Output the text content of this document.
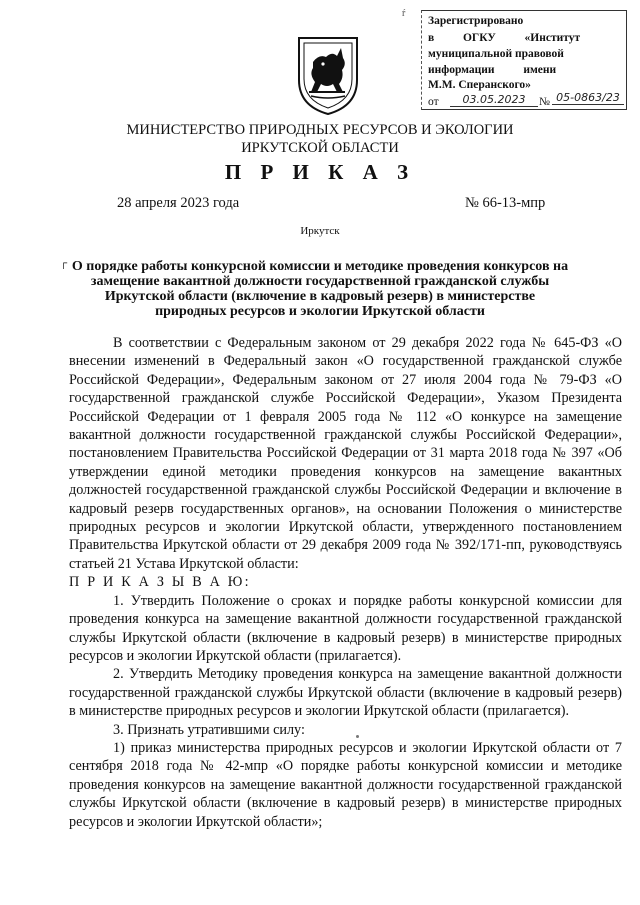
ŕ
Зарегистрировано
в          ОГКУ          «Институт
муниципальной правовой
информации          имени
М.М. Сперанского»
от	03.05.2023	№ 05-0863/23
МИНИСТЕРСТВО ПРИРОДНЫХ РЕСУРСОВ И ЭКОЛОГИИ
ИРКУТСКОЙ ОБЛАСТИ
П Р И К А З
28 апреля 2023 года	№ 66-13-мпр
Иркутск
┌ О порядке работы конкурсной комиссии и методике проведения конкурсов на
замещение вакантной должности государственной гражданской службы
Иркутской области (включение в кадровый резерв) в министерстве
природных ресурсов и экологии Иркутской области

В соответствии с Федеральным законом от 29 декабря 2022 года № 645-ФЗ «О внесении изменений в Федеральный закон «О государственной гражданской службе Российской Федерации», Федеральным законом от 27 июля 2004 года № 79-ФЗ «О государственной гражданской службе Российской Федерации», Указом Президента Российской Федерации от 1 февраля 2005 года № 112 «О конкурсе на замещение вакантной должности государственной гражданской службы Российской Федерации», постановлением Правительства Российской Федерации от 31 марта 2018 года № 397 «Об утверждении единой методики проведения конкурсов на замещение вакантных должностей государственной гражданской службы Российской Федерации и включение в кадровый резерв государственных органов», на основании Положения о министерстве природных ресурсов и экологии Иркутской области, утвержденного постановлением Правительства Иркутской области от 29 декабря 2009 года № 392/171-пп, руководствуясь статьей 21 Устава Иркутской области:

П Р И К А З Ы В А Ю:

1. Утвердить Положение о сроках и порядке работы конкурсной комиссии для проведения конкурса на замещение вакантной должности государственной гражданской службы Иркутской области (включение в кадровый резерв) в министерстве природных ресурсов и экологии Иркутской области (прилагается).

2. Утвердить Методику проведения конкурса на замещение вакантной должности государственной гражданской службы Иркутской области (включение в кадровый резерв) в министерстве природных ресурсов и экологии Иркутской области (прилагается).

3. Признать утратившими силу:

1) приказ министерства природных ресурсов и экологии Иркутской области от 7 сентября 2018 года № 42-мпр «О порядке работы конкурсной комиссии и методике проведения конкурсов на замещение вакантной должности государственной гражданской службы Иркутской области (включение в кадровый резерв) в министерстве природных ресурсов и экологии Иркутской области»;
